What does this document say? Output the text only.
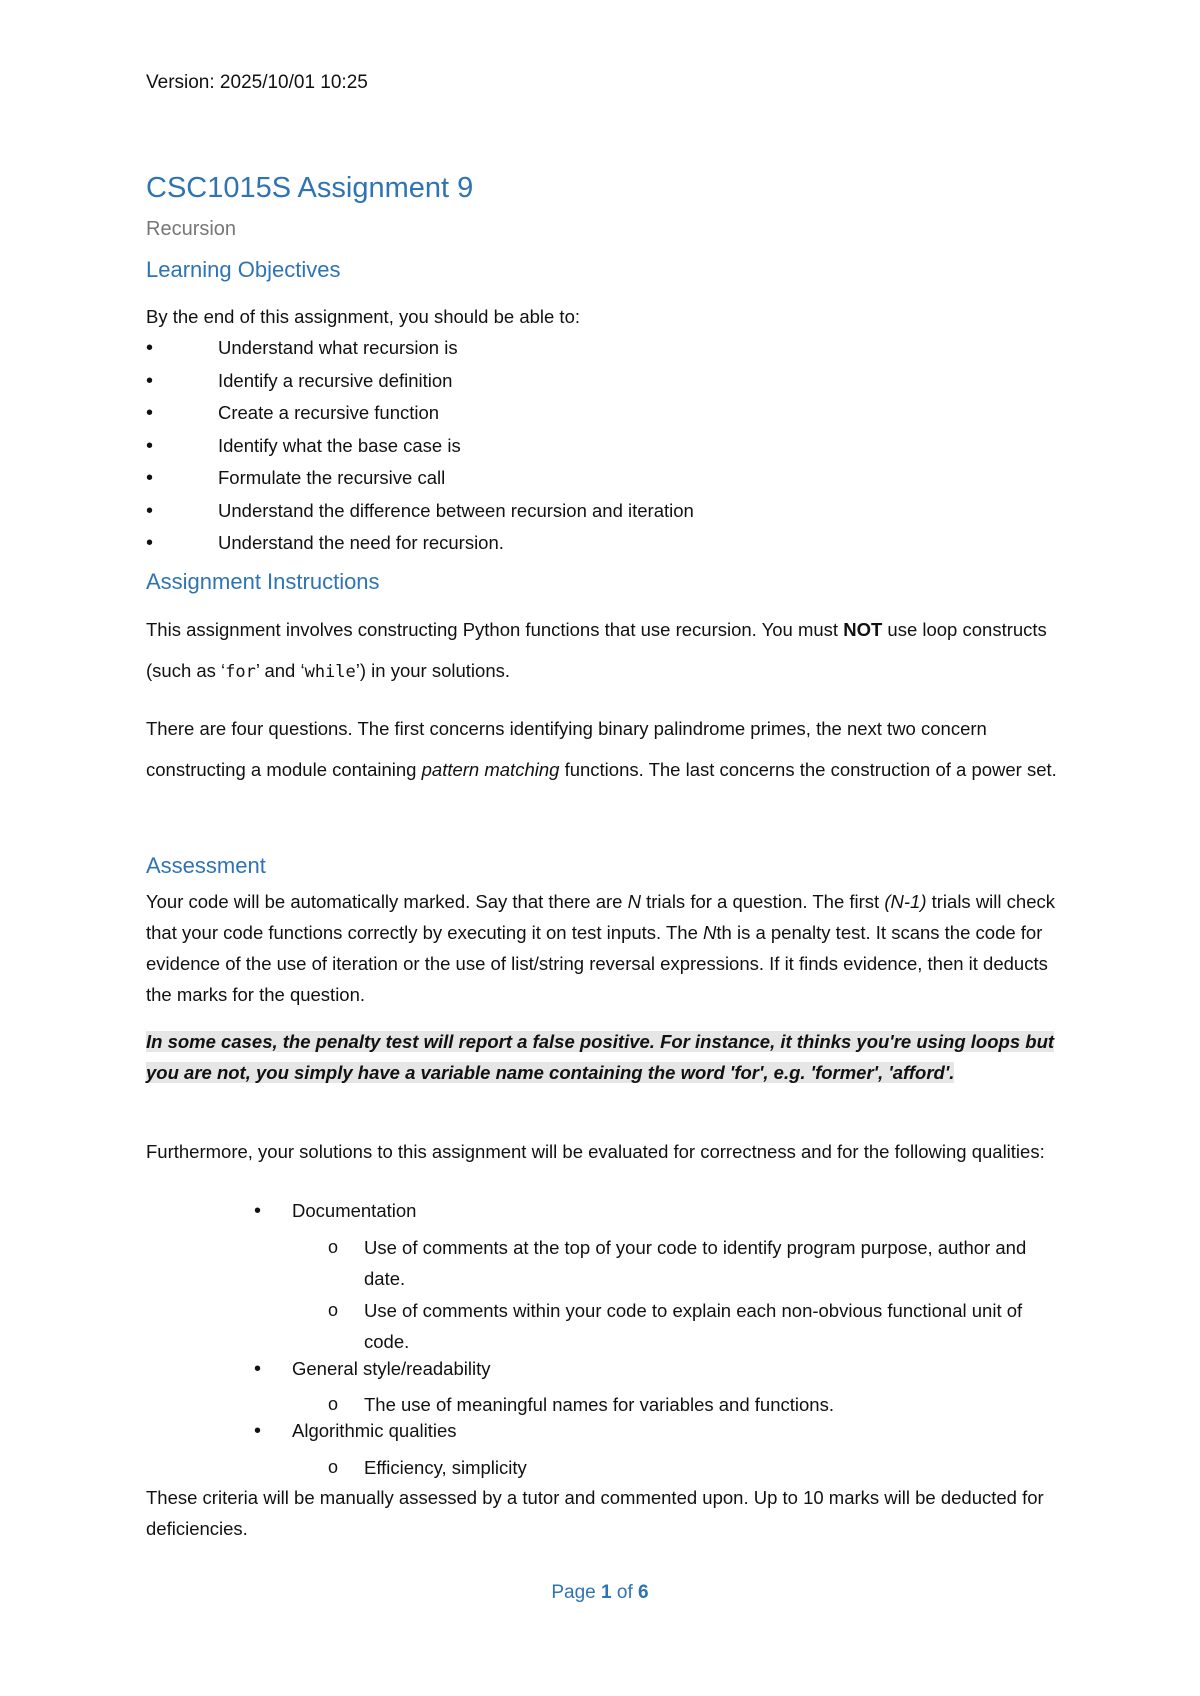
Version: 2025/10/01 10:25
CSC1015S Assignment 9
Recursion
Learning Objectives
By the end of this assignment, you should be able to:
• Understand what recursion is
• Identify a recursive definition
• Create a recursive function
• Identify what the base case is
• Formulate the recursive call
• Understand the difference between recursion and iteration
• Understand the need for recursion.
Assignment Instructions
This assignment involves constructing Python functions that use recursion. You must NOT use loop constructs (such as ‘for’ and ‘while’) in your solutions.
There are four questions. The first concerns identifying binary palindrome primes, the next two concern constructing a module containing pattern matching functions. The last concerns the construction of a power set.
Assessment
Your code will be automatically marked. Say that there are N trials for a question. The first (N-1) trials will check that your code functions correctly by executing it on test inputs. The Nth is a penalty test. It scans the code for evidence of the use of iteration or the use of list/string reversal expressions. If it finds evidence, then it deducts the marks for the question.
In some cases, the penalty test will report a false positive. For instance, it thinks you're using loops but you are not, you simply have a variable name containing the word 'for', e.g. 'former', 'afford'.
Furthermore, your solutions to this assignment will be evaluated for correctness and for the following qualities:
• Documentation
o Use of comments at the top of your code to identify program purpose, author and date.
o Use of comments within your code to explain each non-obvious functional unit of code.
• General style/readability
o The use of meaningful names for variables and functions.
• Algorithmic qualities
o Efficiency, simplicity
These criteria will be manually assessed by a tutor and commented upon. Up to 10 marks will be deducted for deficiencies.
Page 1 of 6
